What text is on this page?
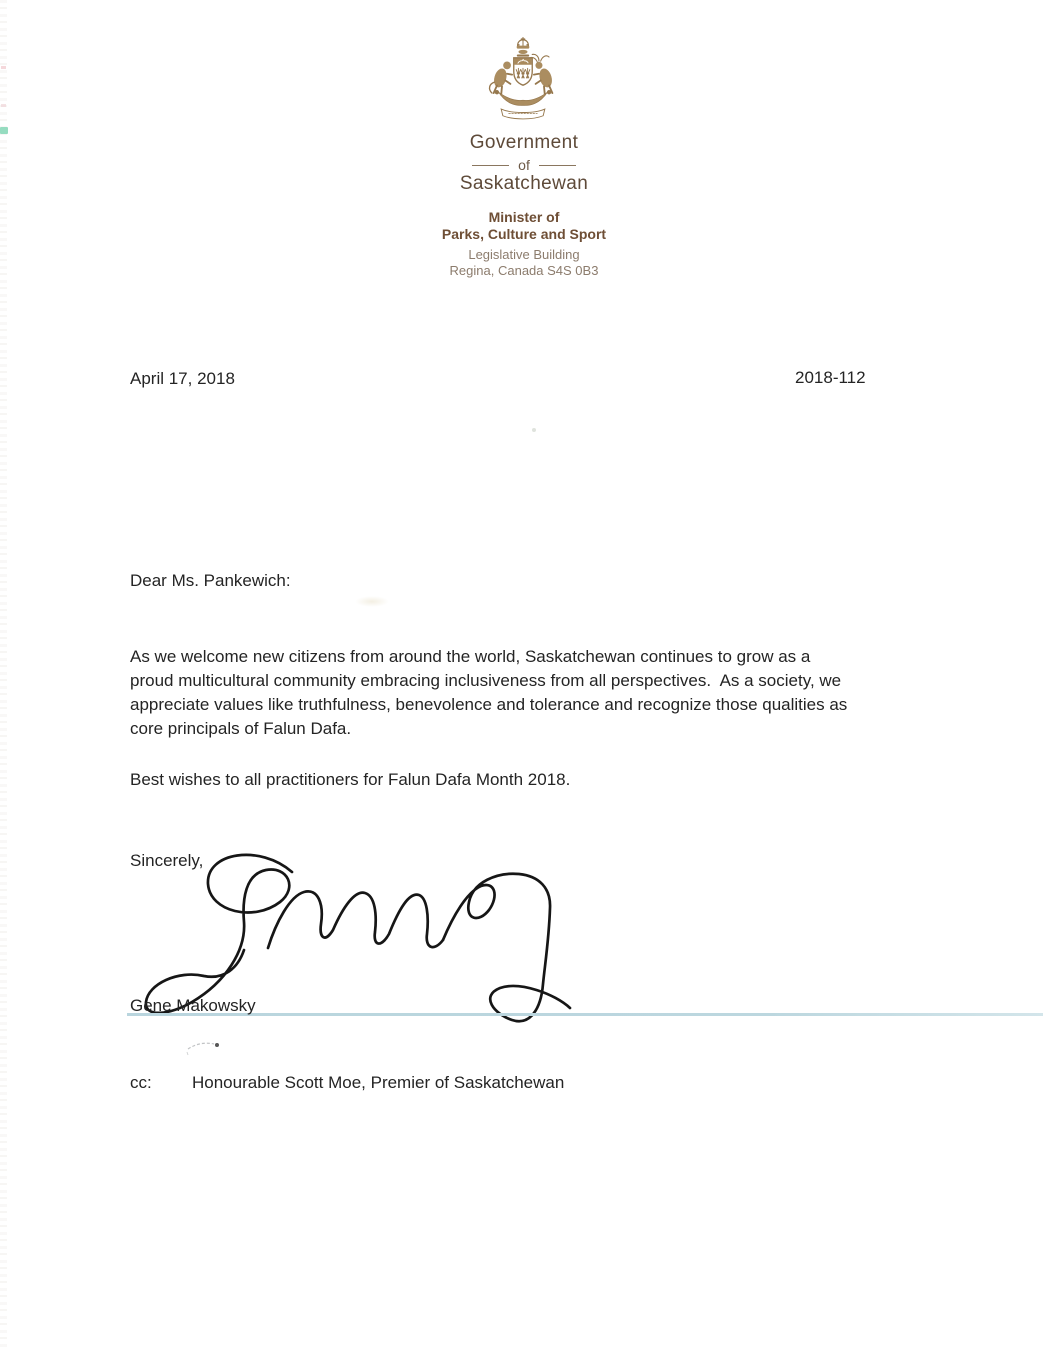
Government
of
Saskatchewan
Minister of
Parks, Culture and Sport
Legislative Building
Regina, Canada S4S 0B3
April 17, 2018	2018-112
Dear Ms. Pankewich:
As we welcome new citizens from around the world, Saskatchewan continues to grow as a
proud multicultural community embracing inclusiveness from all perspectives.  As a society, we
appreciate values like truthfulness, benevolence and tolerance and recognize those qualities as
core principals of Falun Dafa.
Best wishes to all practitioners for Falun Dafa Month 2018.
Sincerely,
Gene Makowsky
cc: Honourable Scott Moe, Premier of Saskatchewan
